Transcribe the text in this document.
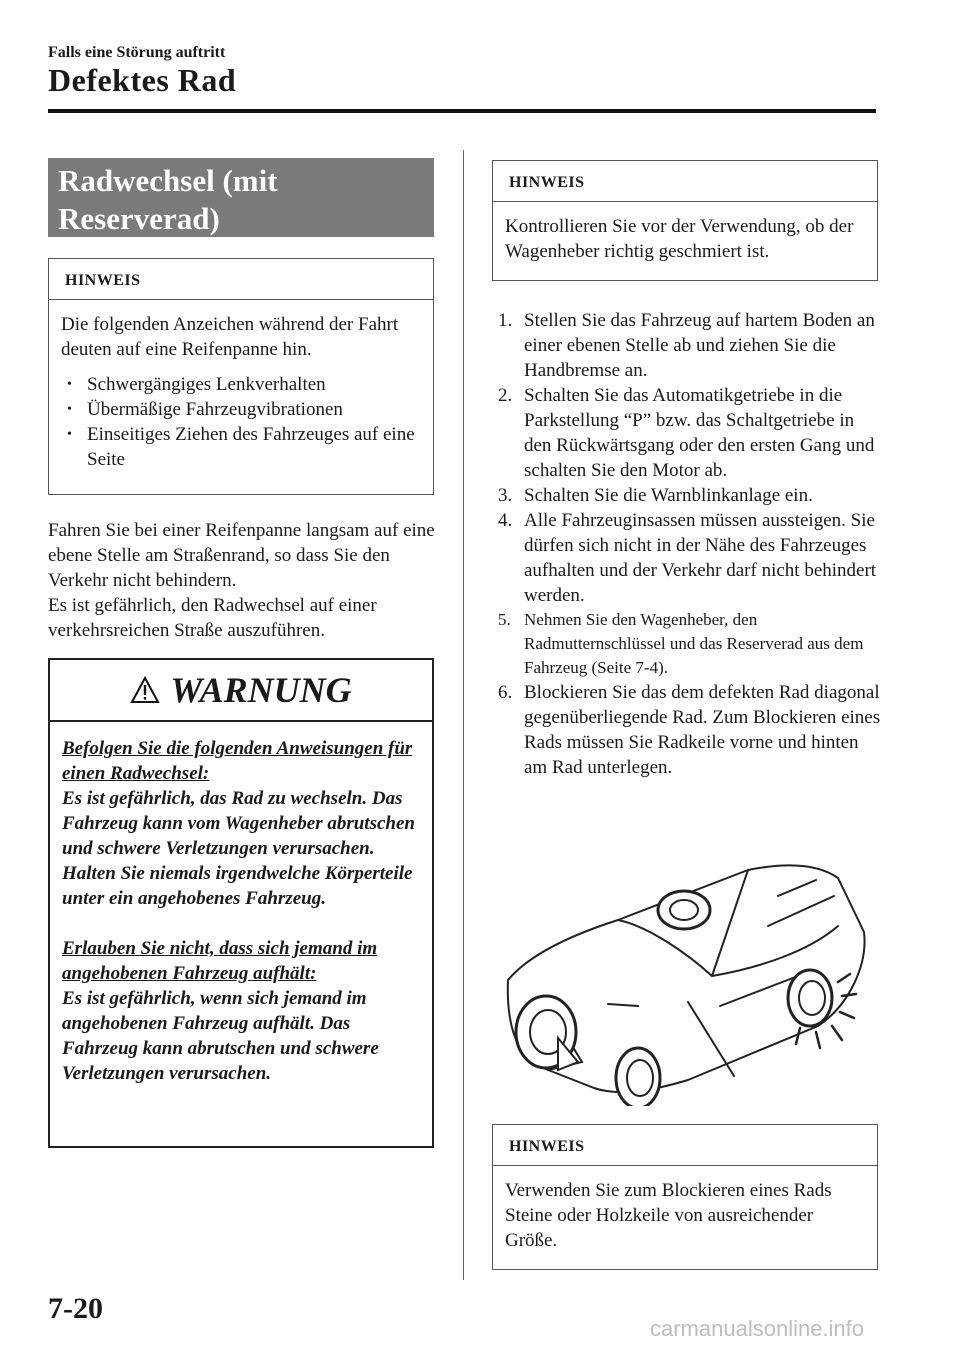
Falls eine Störung auftritt
Defektes Rad
Radwechsel (mit
Reserverad)
HINWEIS
Die folgenden Anzeichen während der Fahrt deuten auf eine Reifenpanne hin.
• Schwergängiges Lenkverhalten
• Übermäßige Fahrzeugvibrationen
• Einseitiges Ziehen des Fahrzeuges auf eine Seite
Fahren Sie bei einer Reifenpanne langsam auf eine ebene Stelle am Straßenrand, so dass Sie den Verkehr nicht behindern.
Es ist gefährlich, den Radwechsel auf einer verkehrsreichen Straße auszuführen.
WARNUNG
Befolgen Sie die folgenden Anweisungen für einen Radwechsel:
Es ist gefährlich, das Rad zu wechseln. Das Fahrzeug kann vom Wagenheber abrutschen und schwere Verletzungen verursachen.
Halten Sie niemals irgendwelche Körperteile unter ein angehobenes Fahrzeug.
Erlauben Sie nicht, dass sich jemand im angehobenen Fahrzeug aufhält:
Es ist gefährlich, wenn sich jemand im angehobenen Fahrzeug aufhält. Das Fahrzeug kann abrutschen und schwere Verletzungen verursachen.
HINWEIS
Kontrollieren Sie vor der Verwendung, ob der Wagenheber richtig geschmiert ist.
1. Stellen Sie das Fahrzeug auf hartem Boden an einer ebenen Stelle ab und ziehen Sie die Handbremse an.
2. Schalten Sie das Automatikgetriebe in die Parkstellung “P” bzw. das Schaltgetriebe in den Rückwärtsgang oder den ersten Gang und schalten Sie den Motor ab.
3. Schalten Sie die Warnblinkanlage ein.
4. Alle Fahrzeuginsassen müssen aussteigen. Sie dürfen sich nicht in der Nähe des Fahrzeuges aufhalten und der Verkehr darf nicht behindert werden.
5. Nehmen Sie den Wagenheber, den Radmutternschlüssel und das Reserverad aus dem Fahrzeug (Seite 7-4).
6. Blockieren Sie das dem defekten Rad diagonal gegenüberliegende Rad. Zum Blockieren eines Rads müssen Sie Radkeile vorne und hinten am Rad unterlegen.
HINWEIS
Verwenden Sie zum Blockieren eines Rads Steine oder Holzkeile von ausreichender Größe.
7-20
carmanualsonline.info
